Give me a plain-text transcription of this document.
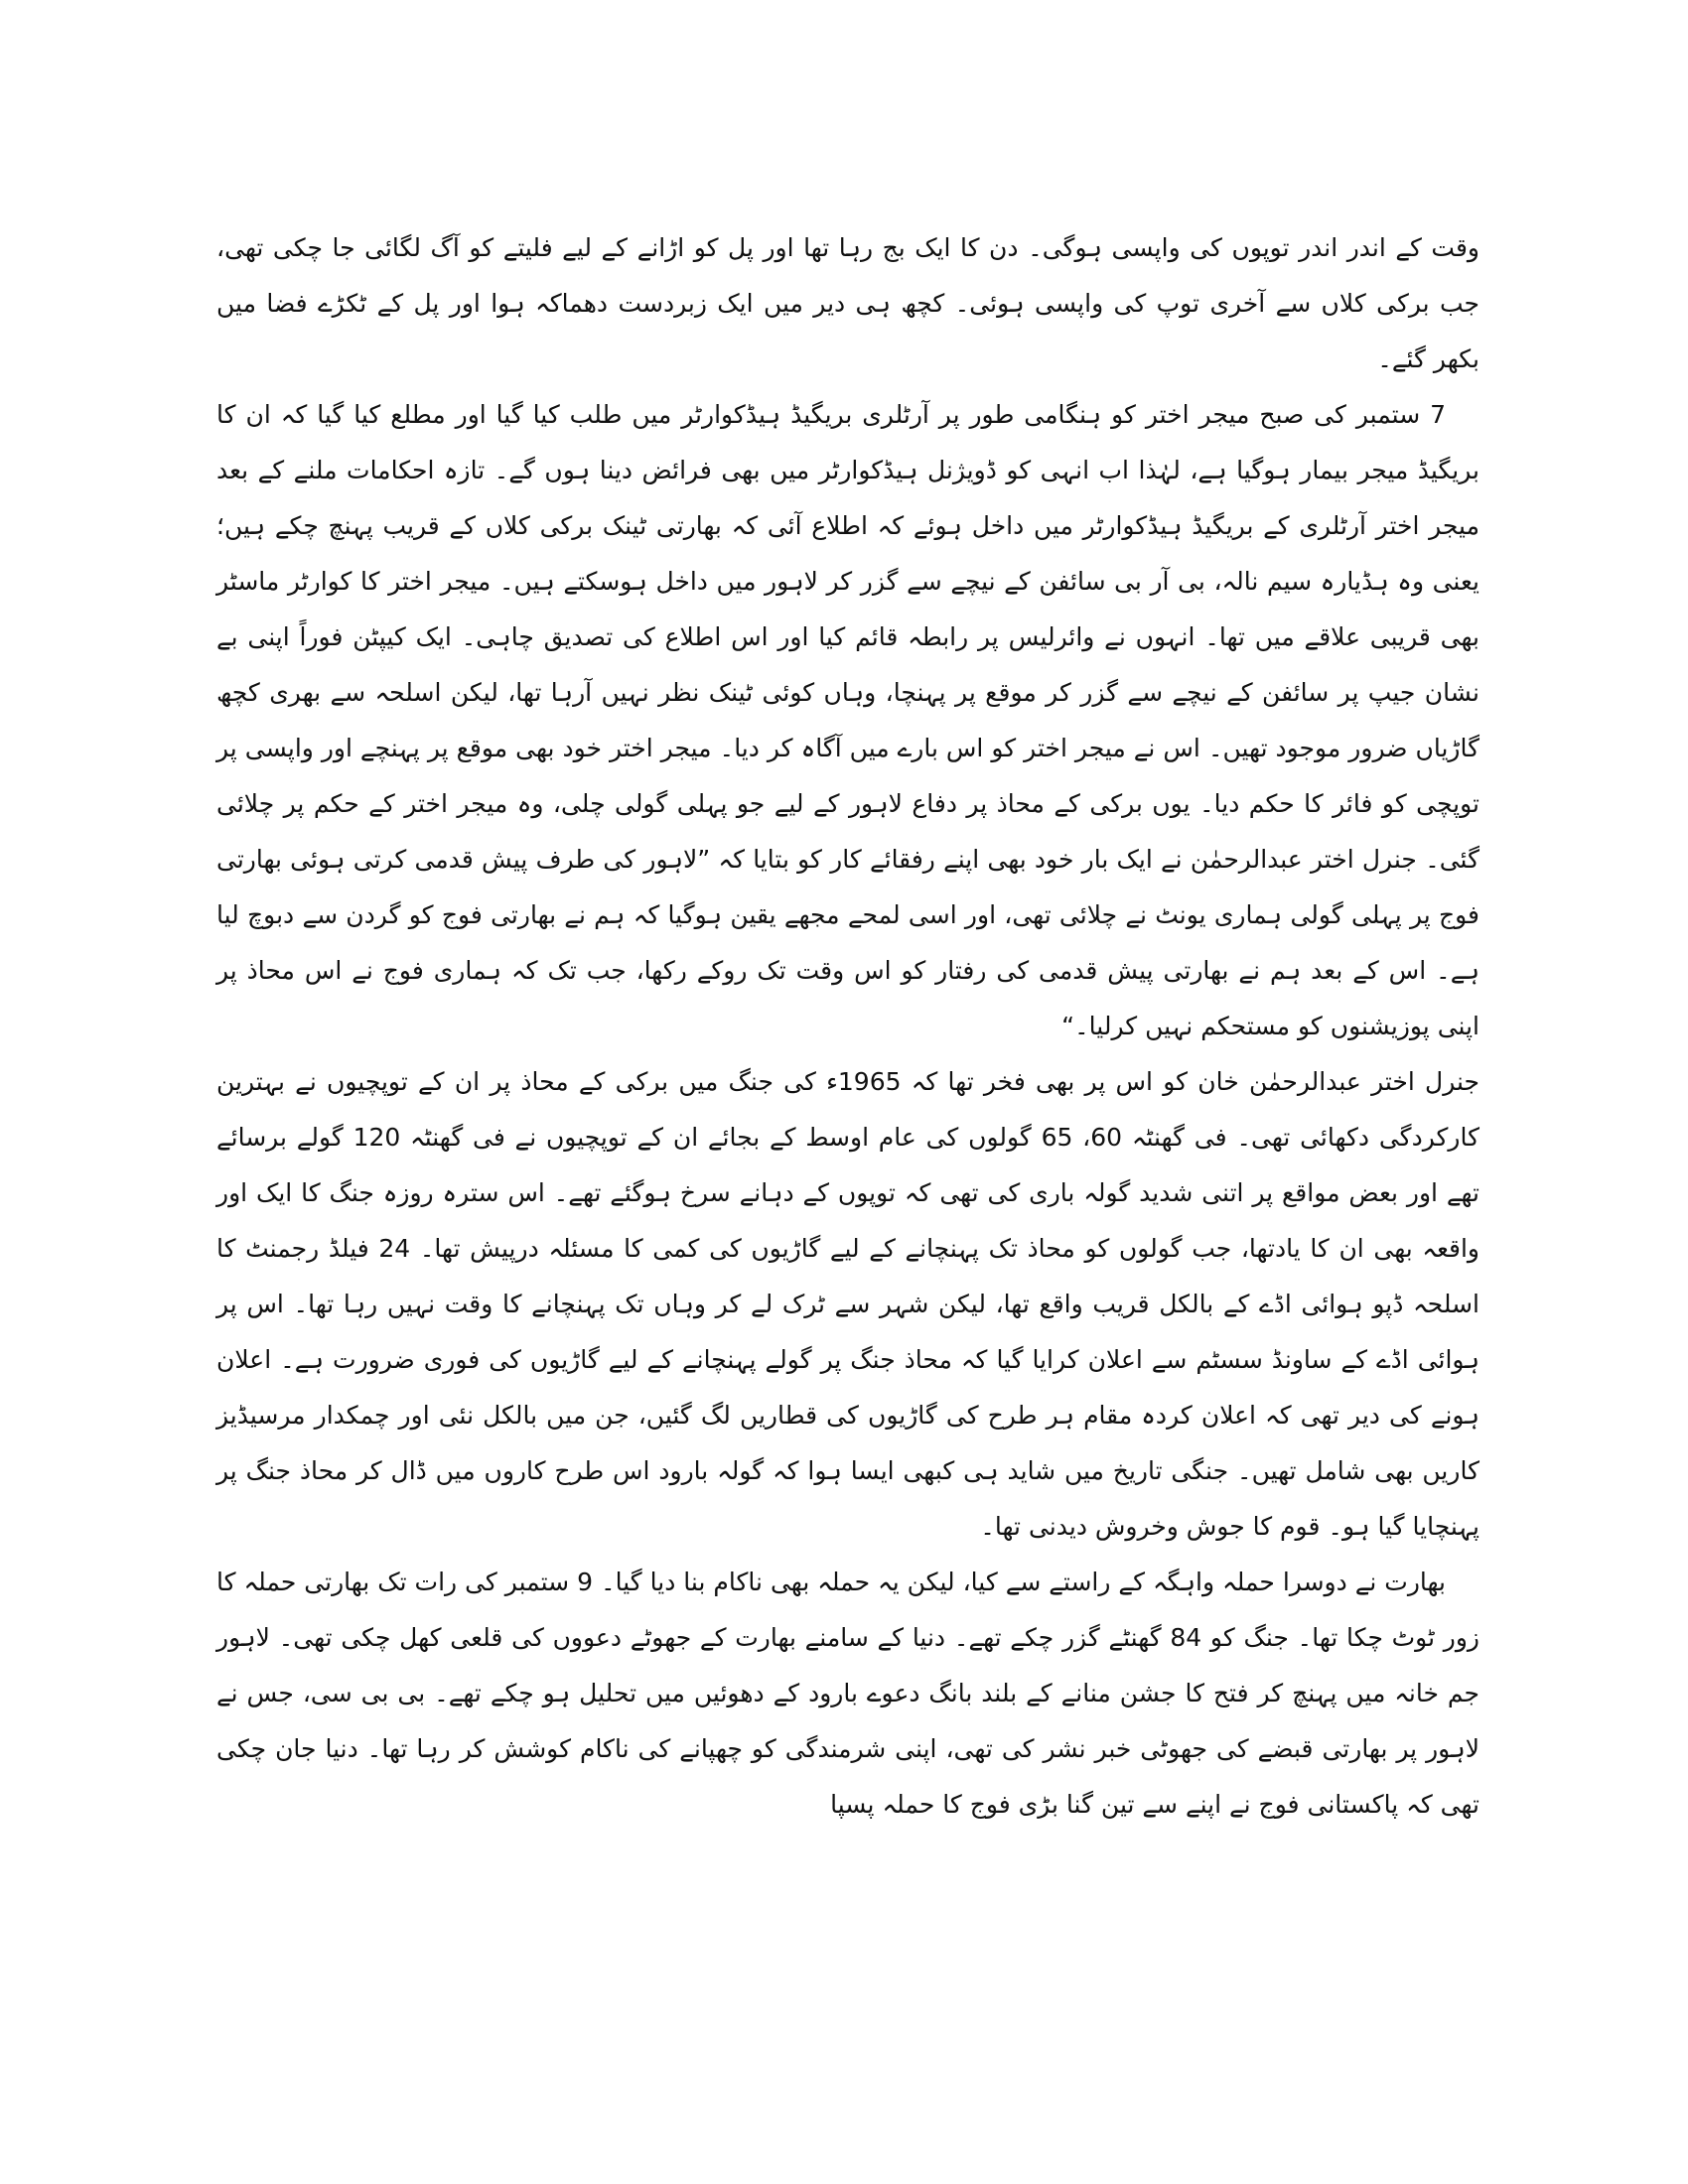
وقت کے اندر اندر توپوں کی واپسی ہوگی۔ دن کا ایک بج رہا تھا اور پل کو اڑانے کے لیے فلیتے کو آگ لگائی جا چکی تھی، جب برکی کلاں سے آخری توپ کی واپسی ہوئی۔ کچھ ہی دیر میں ایک زبردست دھماکہ ہوا اور پل کے ٹکڑے فضا میں بکھر گئے۔

7 ستمبر کی صبح میجر اختر کو ہنگامی طور پر آرٹلری بریگیڈ ہیڈکوارٹر میں طلب کیا گیا اور مطلع کیا گیا کہ ان کا بریگیڈ میجر بیمار ہوگیا ہے، لہٰذا اب انہی کو ڈویژنل ہیڈکوارٹر میں بھی فرائض دینا ہوں گے۔ تازہ احکامات ملنے کے بعد میجر اختر آرٹلری کے بریگیڈ ہیڈکوارٹر میں داخل ہوئے کہ اطلاع آئی کہ بھارتی ٹینک برکی کلاں کے قریب پہنچ چکے ہیں؛ یعنی وہ ہڈیارہ سیم نالہ، بی آر بی سائفن کے نیچے سے گزر کر لاہور میں داخل ہوسکتے ہیں۔ میجر اختر کا کوارٹر ماسٹر بھی قریبی علاقے میں تھا۔ انہوں نے وائرلیس پر رابطہ قائم کیا اور اس اطلاع کی تصدیق چاہی۔ ایک کیپٹن فوراً اپنی بے نشان جیپ پر سائفن کے نیچے سے گزر کر موقع پر پہنچا، وہاں کوئی ٹینک نظر نہیں آرہا تھا، لیکن اسلحہ سے بھری کچھ گاڑیاں ضرور موجود تھیں۔ اس نے میجر اختر کو اس بارے میں آگاہ کر دیا۔ میجر اختر خود بھی موقع پر پہنچے اور واپسی پر توپچی کو فائر کا حکم دیا۔ یوں برکی کے محاذ پر دفاع لاہور کے لیے جو پہلی گولی چلی، وہ میجر اختر کے حکم پر چلائی گئی۔ جنرل اختر عبدالرحمٰن نے ایک بار خود بھی اپنے رفقائے کار کو بتایا کہ ”لاہور کی طرف پیش قدمی کرتی ہوئی بھارتی فوج پر پہلی گولی ہماری یونٹ نے چلائی تھی، اور اسی لمحے مجھے یقین ہوگیا کہ ہم نے بھارتی فوج کو گردن سے دبوچ لیا ہے۔ اس کے بعد ہم نے بھارتی پیش قدمی کی رفتار کو اس وقت تک روکے رکھا، جب تک کہ ہماری فوج نے اس محاذ پر اپنی پوزیشنوں کو مستحکم نہیں کرلیا۔“

جنرل اختر عبدالرحمٰن خان کو اس پر بھی فخر تھا کہ 1965ء کی جنگ میں برکی کے محاذ پر ان کے توپچیوں نے بہترین کارکردگی دکھائی تھی۔ فی گھنٹہ 60، 65 گولوں کی عام اوسط کے بجائے ان کے توپچیوں نے فی گھنٹہ 120 گولے برسائے تھے اور بعض مواقع پر اتنی شدید گولہ باری کی تھی کہ توپوں کے دہانے سرخ ہوگئے تھے۔ اس سترہ روزہ جنگ کا ایک اور واقعہ بھی ان کا یادتھا، جب گولوں کو محاذ تک پہنچانے کے لیے گاڑیوں کی کمی کا مسئلہ درپیش تھا۔ 24 فیلڈ رجمنٹ کا اسلحہ ڈپو ہوائی اڈے کے بالکل قریب واقع تھا، لیکن شہر سے ٹرک لے کر وہاں تک پہنچانے کا وقت نہیں رہا تھا۔ اس پر ہوائی اڈے کے ساونڈ سسٹم سے اعلان کرایا گیا کہ محاذ جنگ پر گولے پہنچانے کے لیے گاڑیوں کی فوری ضرورت ہے۔ اعلان ہونے کی دیر تھی کہ اعلان کردہ مقام ہر طرح کی گاڑیوں کی قطاریں لگ گئیں، جن میں بالکل نئی اور چمکدار مرسیڈیز کاریں بھی شامل تھیں۔ جنگی تاریخ میں شاید ہی کبھی ایسا ہوا کہ گولہ بارود اس طرح کاروں میں ڈال کر محاذ جنگ پر پہنچایا گیا ہو۔ قوم کا جوش وخروش دیدنی تھا۔

بھارت نے دوسرا حملہ واہگہ کے راستے سے کیا، لیکن یہ حملہ بھی ناکام بنا دیا گیا۔ 9 ستمبر کی رات تک بھارتی حملہ کا زور ٹوٹ چکا تھا۔ جنگ کو 84 گھنٹے گزر چکے تھے۔ دنیا کے سامنے بھارت کے جھوٹے دعووں کی قلعی کھل چکی تھی۔ لاہور جم خانہ میں پہنچ کر فتح کا جشن منانے کے بلند بانگ دعوے بارود کے دھوئیں میں تحلیل ہو چکے تھے۔ بی بی سی، جس نے لاہور پر بھارتی قبضے کی جھوٹی خبر نشر کی تھی، اپنی شرمندگی کو چھپانے کی ناکام کوشش کر رہا تھا۔ دنیا جان چکی تھی کہ پاکستانی فوج نے اپنے سے تین گنا بڑی فوج کا حملہ پسپا
